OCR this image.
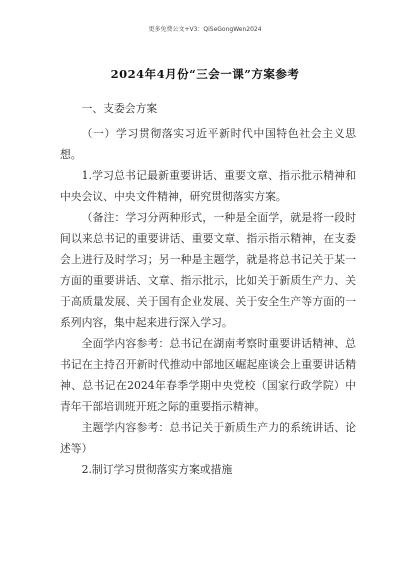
更多免费公文+V3：QiSeGongWen2024
2024年4月份“三会一课”方案参考

一、支委会方案

（一）学习贯彻落实习近平新时代中国特色社会主义思想。

1.学习总书记最新重要讲话、重要文章、指示批示精神和中央会议、中央文件精神，研究贯彻落实方案。

（备注：学习分两种形式，一种是全面学，就是将一段时间以来总书记的重要讲话、重要文章、指示指示精神，在支委会上进行及时学习；另一种是主题学，就是将总书记关于某一方面的重要讲话、文章、指示批示，比如关于新质生产力、关于高质量发展、关于国有企业发展、关于安全生产等方面的一系列内容，集中起来进行深入学习。

全面学内容参考：总书记在湖南考察时重要讲话精神、总书记在主持召开新时代推动中部地区崛起座谈会上重要讲话精神、总书记在2024年春季学期中央党校（国家行政学院）中青年干部培训班开班之际的重要指示精神。

主题学内容参考：总书记关于新质生产力的系统讲话、论述等）

2.制订学习贯彻落实方案或措施
